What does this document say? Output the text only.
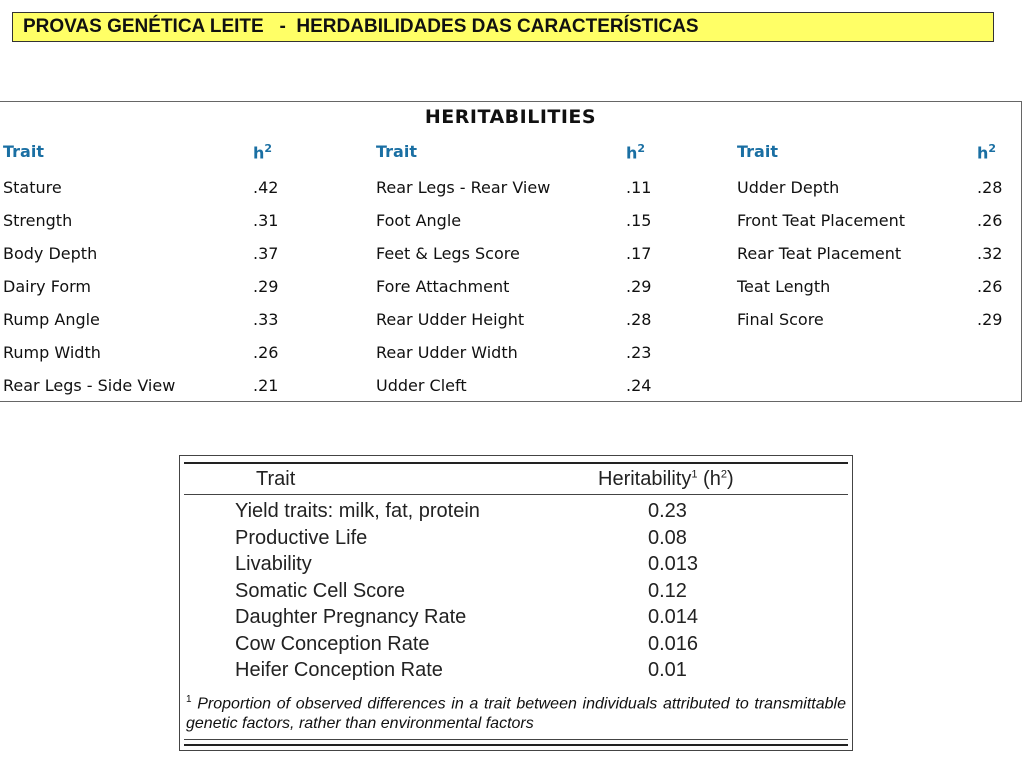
PROVAS GENÉTICA LEITE   -  HERDABILIDADES DAS CARACTERÍSTICAS
HERITABILITIES
Trait	$h^2$
Stature	.42
Strength	.31
Body Depth	.37
Dairy Form	.29
Rump Angle	.33
Rump Width	.26
Rear Legs - Side View	.21
Trait	$h^2$
Rear Legs - Rear View	.11
Foot Angle	.15
Feet & Legs Score	.17
Fore Attachment	.29
Rear Udder Height	.28
Rear Udder Width	.23
Udder Cleft	.24
Trait	$h^2$
Udder Depth	.28
Front Teat Placement	.26
Rear Teat Placement	.32
Teat Length	.26
Final Score	.29
Trait	Heritability$^1$ $(h^2)$
Yield traits: milk, fat, protein	0.23
Productive Life	0.08
Livability	0.013
Somatic Cell Score	0.12
Daughter Pregnancy Rate	0.014
Cow Conception Rate	0.016
Heifer Conception Rate	0.01
$^1$ Proportion of observed differences in a trait between individuals attributed to transmittable genetic factors, rather than environmental factors
